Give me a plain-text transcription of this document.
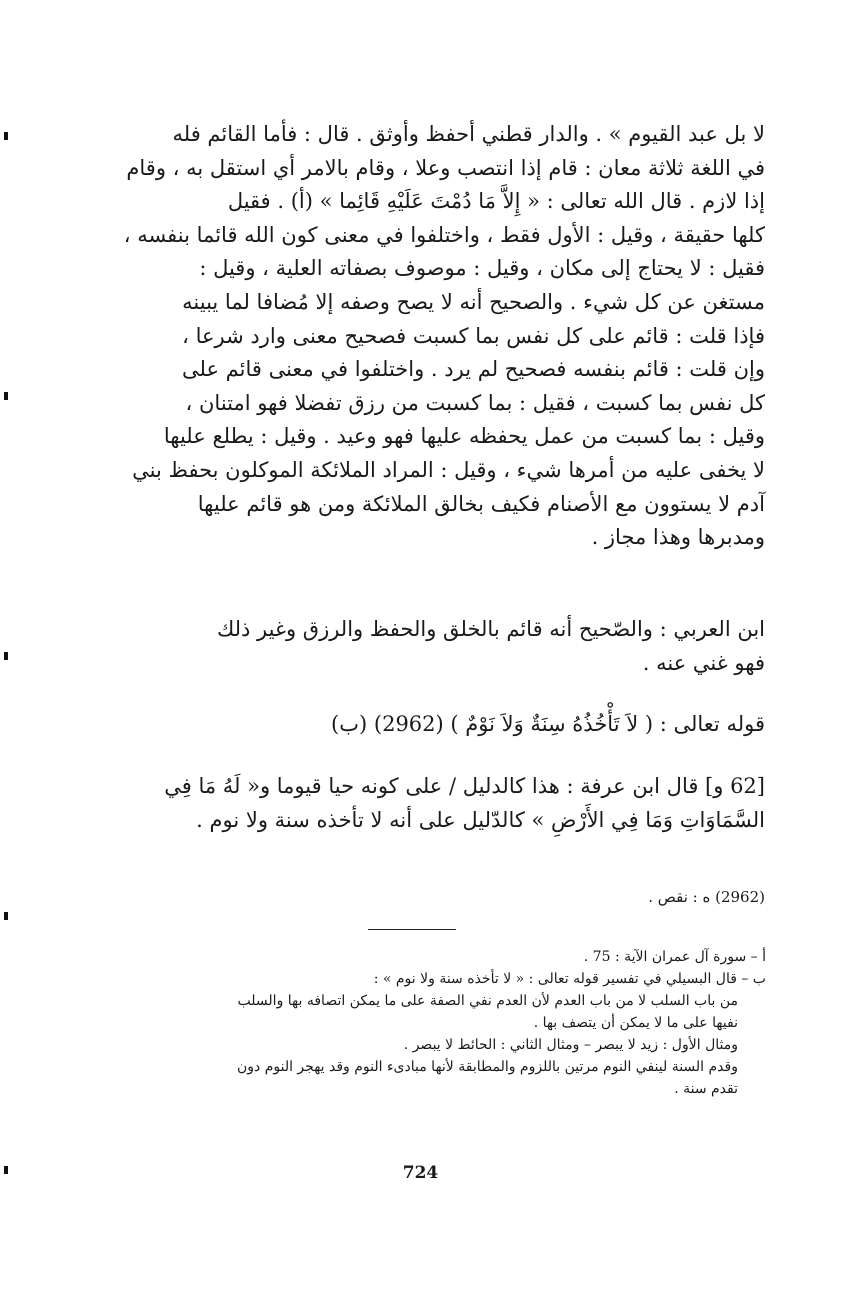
لا بل عبد القيوم » . والدار قطني أحفظ وأوثق . قال : فأما القائم فله

في اللغة ثلاثة معان : قام إذا انتصب وعلا ، وقام بالامر أي استقل به ، وقام

إذا لازم . قال الله تعالى : « إِلاَّ مَا دُمْتَ عَلَيْهِ قَائِما » (أ) . فقيل

كلها حقيقة ، وقيل : الأول فقط ، واختلفوا في معنى كون الله قائما بنفسه ،

فقيل : لا يحتاج إلى مكان ، وقيل : موصوف بصفاته العلية ، وقيل :

مستغن عن كل شيء . والصحيح أنه لا يصح وصفه إلا مُضافا لما يبينه

فإذا قلت : قائم على كل نفس بما كسبت فصحيح معنى وارد شرعا ،

وإن قلت : قائم بنفسه فصحيح لم يرد . واختلفوا في معنى قائم على

كل نفس بما كسبت ، فقيل : بما كسبت من رزق تفضلا فهو امتنان ،

وقيل : بما كسبت من عمل يحفظه عليها فهو وعيد . وقيل : يطلع عليها

لا يخفى عليه من أمرها شيء ، وقيل : المراد الملائكة الموكلون بحفظ بني

آدم لا يستوون مع الأصنام فكيف بخالق الملائكة ومن هو قائم عليها

ومدبرها وهذا مجاز .

ابن العربي : والصّحيح أنه قائم بالخلق والحفظ والرزق وغير ذلك

فهو غني عنه .

قوله تعالى : ( لاَ تَأْخُذُهُ سِنَةٌ وَلاَ نَوْمٌ ) (2962) (ب)

[62 و] قال ابن عرفة : هذا كالدليل / على كونه حيا قيوما و« لَهُ مَا فِي

السَّمَاوَاتِ وَمَا فِي الأَرْضِ » كالدّليل على أنه لا تأخذه سنة ولا نوم .

(2962) ه : نقص .

أ – سورة آل عمران الآية : 75 .

ب – قال البسيلي في تفسير قوله تعالى : « لا تأخذه سنة ولا نوم » :

من باب السلب لا من باب العدم لأن العدم نفي الصفة على ما يمكن اتصافه بها والسلب

نفيها على ما لا يمكن أن يتصف بها .

ومثال الأول : زيد لا يبصر – ومثال الثاني : الحائط لا يبصر .

وقدم السنة لينفي النوم مرتين باللزوم والمطابقة لأنها مبادىء النوم وقد يهجر النوم دون

تقدم سنة .

724
